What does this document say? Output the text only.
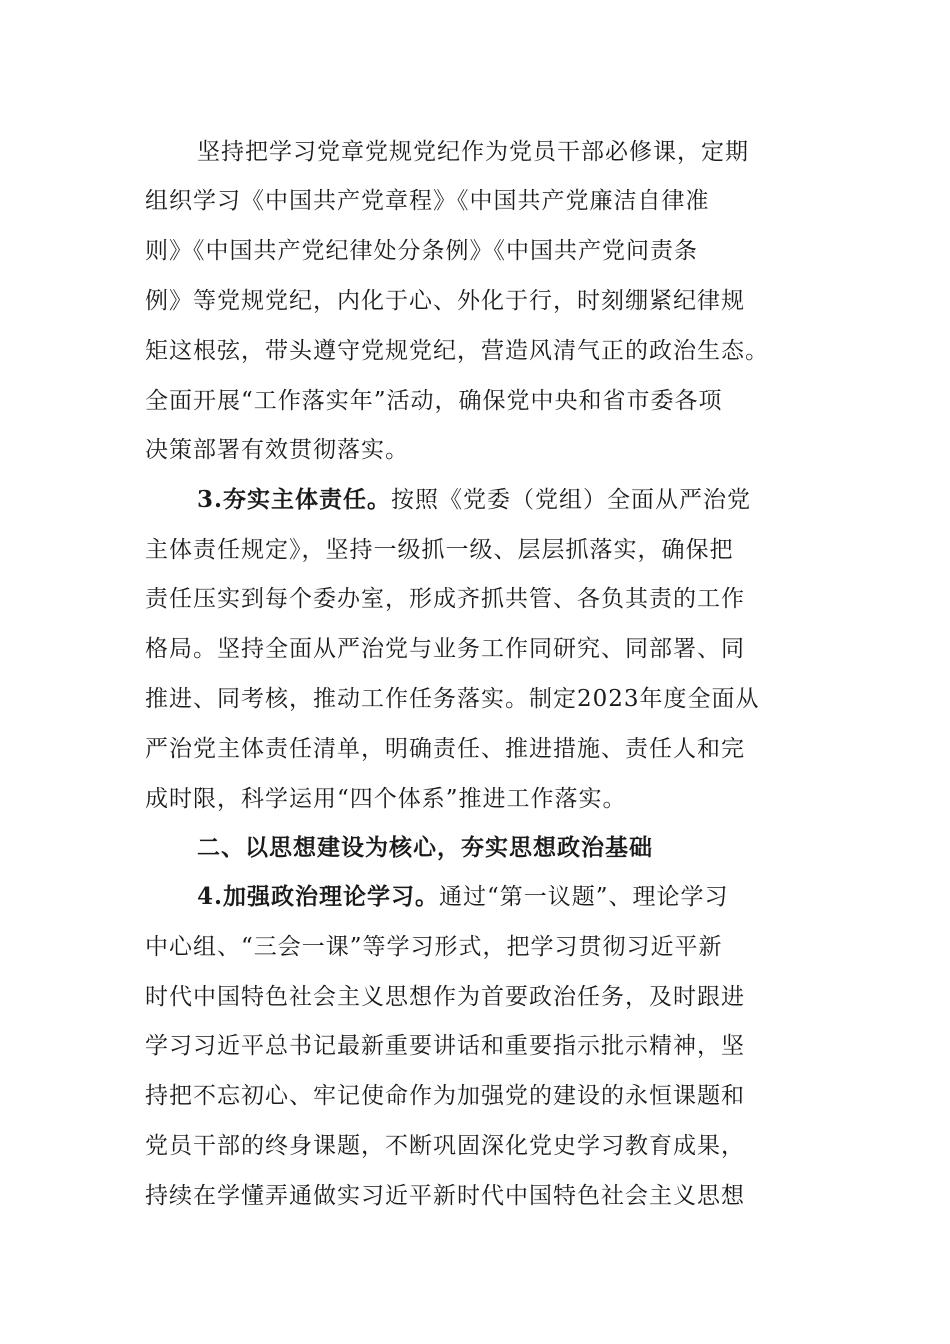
坚持把学习党章党规党纪作为党员干部必修课，定期
组织学习《中国共产党章程》《中国共产党廉洁自律准
则》《中国共产党纪律处分条例》《中国共产党问责条
例》等党规党纪，内化于心、外化于行，时刻绷紧纪律规
矩这根弦，带头遵守党规党纪，营造风清气正的政治生态。
全面开展“工作落实年”活动，确保党中央和省市委各项
决策部署有效贯彻落实。
3.夯实主体责任。按照《党委（党组）全面从严治党
主体责任规定》，坚持一级抓一级、层层抓落实，确保把
责任压实到每个委办室，形成齐抓共管、各负其责的工作
格局。坚持全面从严治党与业务工作同研究、同部署、同
推进、同考核，推动工作任务落实。制定2023年度全面从
严治党主体责任清单，明确责任、推进措施、责任人和完
成时限，科学运用“四个体系”推进工作落实。
二、以思想建设为核心，夯实思想政治基础
4.加强政治理论学习。通过“第一议题”、理论学习
中心组、“三会一课”等学习形式，把学习贯彻习近平新
时代中国特色社会主义思想作为首要政治任务，及时跟进
学习习近平总书记最新重要讲话和重要指示批示精神，坚
持把不忘初心、牢记使命作为加强党的建设的永恒课题和
党员干部的终身课题，不断巩固深化党史学习教育成果，
持续在学懂弄通做实习近平新时代中国特色社会主义思想
